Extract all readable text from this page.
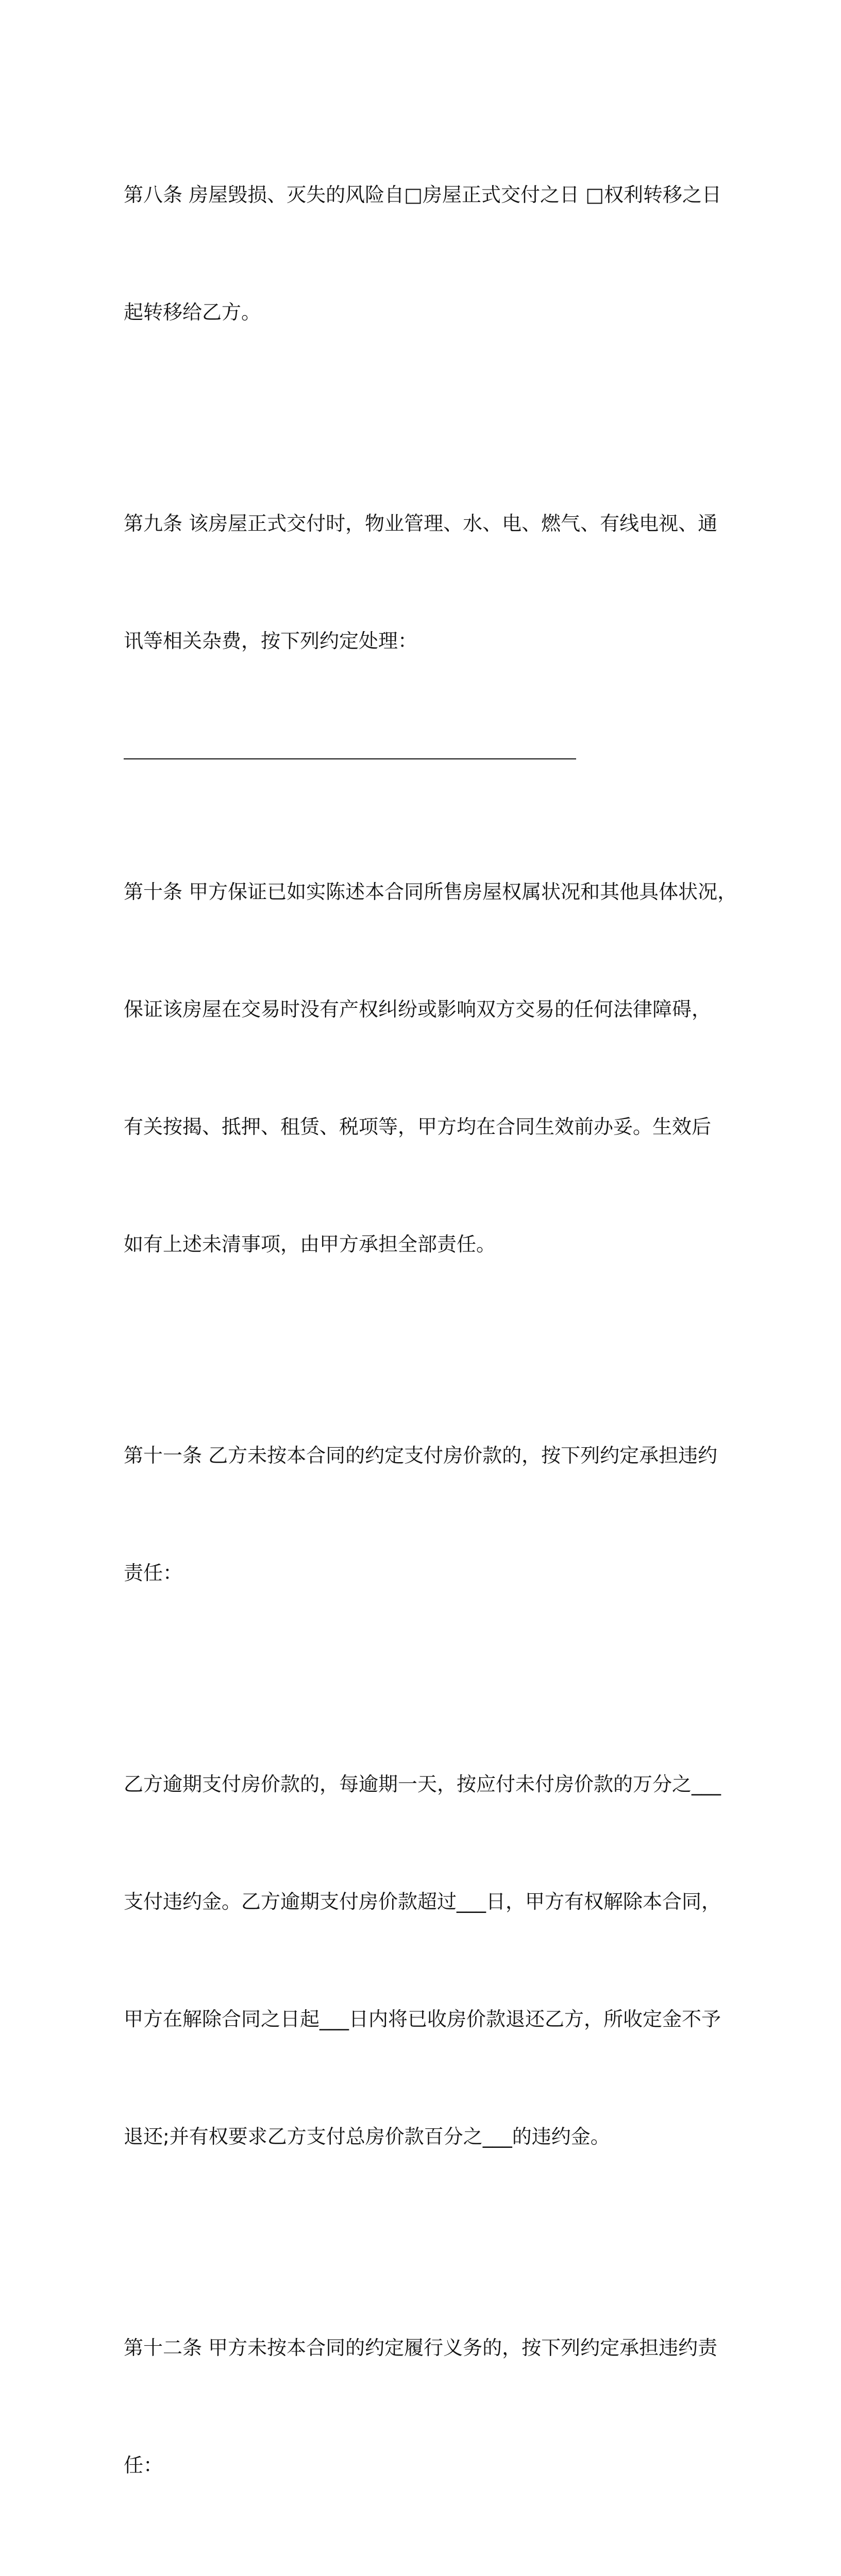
第八条 房屋毁损、灭失的风险自□房屋正式交付之日 □权利转移之日

起转移给乙方。

第九条 该房屋正式交付时，物业管理、水、电、燃气、有线电视、通

讯等相关杂费，按下列约定处理：

第十条 甲方保证已如实陈述本合同所售房屋权属状况和其他具体状况，

保证该房屋在交易时没有产权纠纷或影响双方交易的任何法律障碍，

有关按揭、抵押、租赁、税项等，甲方均在合同生效前办妥。生效后

如有上述未清事项，由甲方承担全部责任。

第十一条 乙方未按本合同的约定支付房价款的，按下列约定承担违约

责任：

乙方逾期支付房价款的，每逾期一天，按应付未付房价款的万分之___

支付违约金。乙方逾期支付房价款超过___日，甲方有权解除本合同，

甲方在解除合同之日起___日内将已收房价款退还乙方，所收定金不予

退还;并有权要求乙方支付总房价款百分之___的违约金。

第十二条 甲方未按本合同的约定履行义务的，按下列约定承担违约责

任：
